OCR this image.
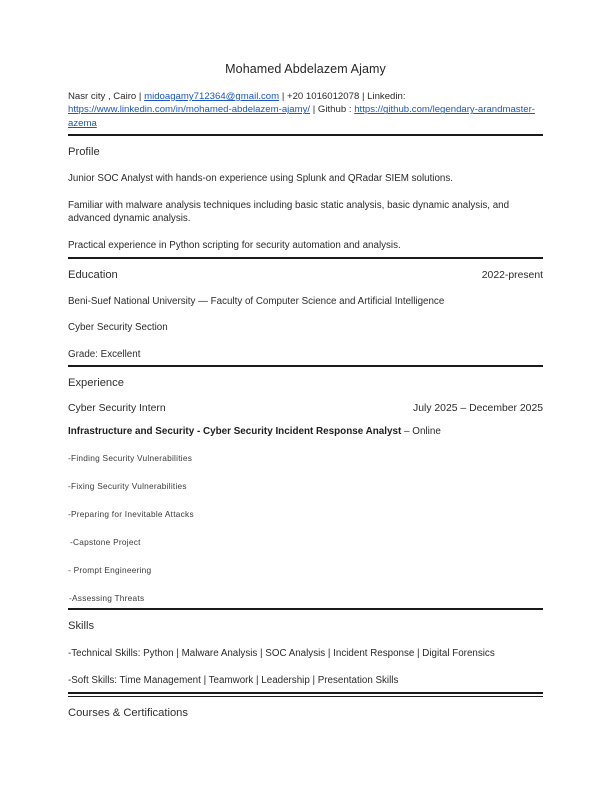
Mohamed Abdelazem Ajamy
Nasr city , Cairo | midoagamy712364@gmail.com | +20 1016012078 | Linkedin: https://www.linkedin.com/in/mohamed-abdelazem-ajamy/ | Github : https://github.com/legendary-arandmaster-azema
Profile

Junior SOC Analyst with hands-on experience using Splunk and QRadar SIEM solutions.

Familiar with malware analysis techniques including basic static analysis, basic dynamic analysis, and advanced dynamic analysis.

Practical experience in Python scripting for security automation and analysis.

Education	2022-present

Beni-Suef National University — Faculty of Computer Science and Artificial Intelligence

Cyber Security Section

Grade: Excellent

Experience
Cyber Security Intern	July 2025 – December 2025

Infrastructure and Security - Cyber Security Incident Response Analyst – Online

-Finding Security Vulnerabilities
-Fixing Security Vulnerabilities
-Preparing for Inevitable Attacks
-Capstone Project
- Prompt Engineering
-Assessing Threats
Skills

-Technical Skills: Python | Malware Analysis | SOC Analysis | Incident Response | Digital Forensics

-Soft Skills: Time Management | Teamwork | Leadership | Presentation Skills

Courses & Certifications
